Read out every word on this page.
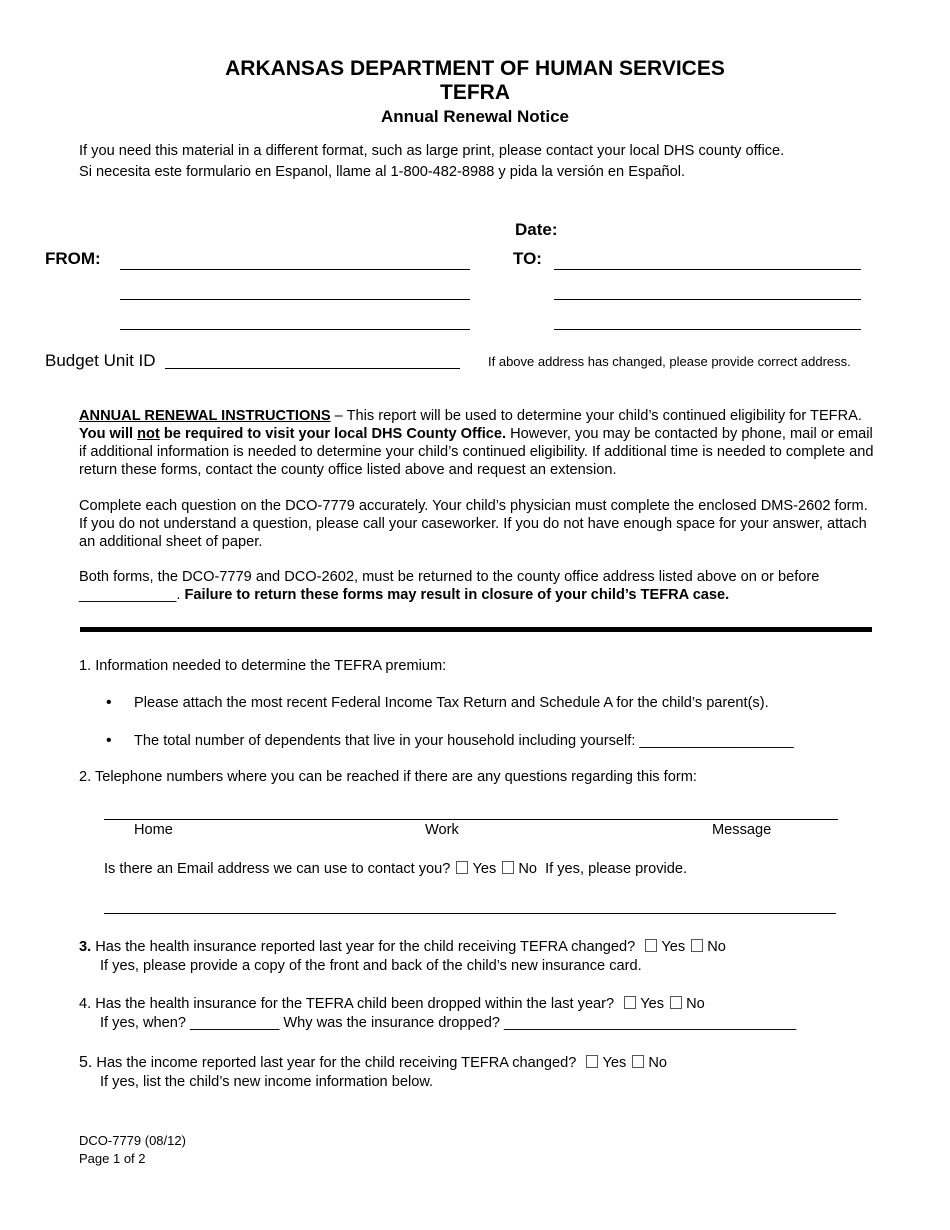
ARKANSAS DEPARTMENT OF HUMAN SERVICES
TEFRA
Annual Renewal Notice
If you need this material in a different format, such as large print, please contact your local DHS county office.
Si necesita este formulario en Espanol, llame al 1-800-482-8988 y pida la versión en Español.
Date:
FROM:	TO:
Budget Unit ID	If above address has changed, please provide correct address.
ANNUAL RENEWAL INSTRUCTIONS – This report will be used to determine your child’s continued eligibility for TEFRA. You will not be required to visit your local DHS County Office. However, you may be contacted by phone, mail or email if additional information is needed to determine your child’s continued eligibility. If additional time is needed to complete and return these forms, contact the county office listed above and request an extension.
Complete each question on the DCO-7779 accurately. Your child’s physician must complete the enclosed DMS-2602 form. If you do not understand a question, please call your caseworker. If you do not have enough space for your answer, attach an additional sheet of paper.
Both forms, the DCO-7779 and DCO-2602, must be returned to the county office address listed above on or before ____________. Failure to return these forms may result in closure of your child’s TEFRA case.
1. Information needed to determine the TEFRA premium:
• Please attach the most recent Federal Income Tax Return and Schedule A for the child’s parent(s).
• The total number of dependents that live in your household including yourself: ___________________
2. Telephone numbers where you can be reached if there are any questions regarding this form:
Home	Work	Message
Is there an Email address we can use to contact you? Yes No If yes, please provide.
3. Has the health insurance reported last year for the child receiving TEFRA changed? Yes No
If yes, please provide a copy of the front and back of the child’s new insurance card.
4. Has the health insurance for the TEFRA child been dropped within the last year? Yes No
If yes, when? ___________ Why was the insurance dropped? ____________________________________
5. Has the income reported last year for the child receiving TEFRA changed? Yes No
If yes, list the child’s new income information below.
DCO-7779 (08/12)
Page 1 of 2
